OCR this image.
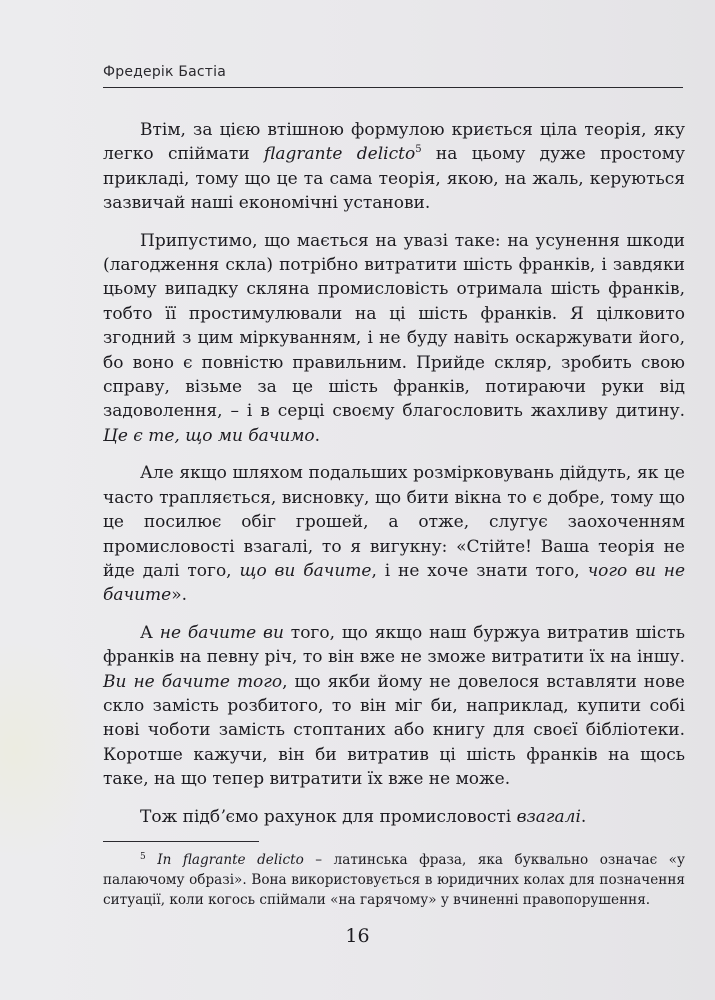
Фредерік Бастіа

Втім, за цією втішною формулою криється ціла теорія, яку легко спіймати flagrante delicto$^5$ на цьому дуже простому прикладі, тому що це та сама теорія, якою, на жаль, керуються зазвичай наші економічні установи.

Припустимо, що мається на увазі таке: на усунення шкоди (лагодження скла) потрібно витратити шість франків, і завдяки цьому випадку скляна промисловість отримала шість франків, тобто її простимулювали на ці шість франків. Я цілковито згодний з цим міркуванням, і не буду навіть оскаржувати його, бо воно є повністю правильним. Прийде скляр, зробить свою справу, візьме за це шість франків, потираючи руки від задоволення, – і в серці своєму благословить жахливу дитину. Це є те, що ми бачимо.

Але якщо шляхом подальших розмірковувань дійдуть, як це часто трапляється, висновку, що бити вікна то є добре, тому що це посилює обіг грошей, а отже, слугує заохоченням промисловості взагалі, то я вигукну: «Стійте! Ваша теорія не йде далі того, що ви бачите, і не хоче знати того, чого ви не бачите».

А не бачите ви того, що якщо наш буржуа витратив шість франків на певну річ, то він вже не зможе витратити їх на іншу. Ви не бачите того, що якби йому не довелося вставляти нове скло замість розбитого, то він міг би, наприклад, купити собі нові чоботи замість стоптаних або книгу для своєї бібліотеки. Коротше кажучи, він би витратив ці шість франків на щось таке, на що тепер витратити їх вже не може.

Тож підбʼємо рахунок для промисловості взагалі.

$^5$ In flagrante delicto – латинська фраза, яка буквально означає «у палаючому образі». Вона використовується в юридичних колах для позначення ситуації, коли когось спіймали «на гарячому» у вчиненні правопорушення.
16
